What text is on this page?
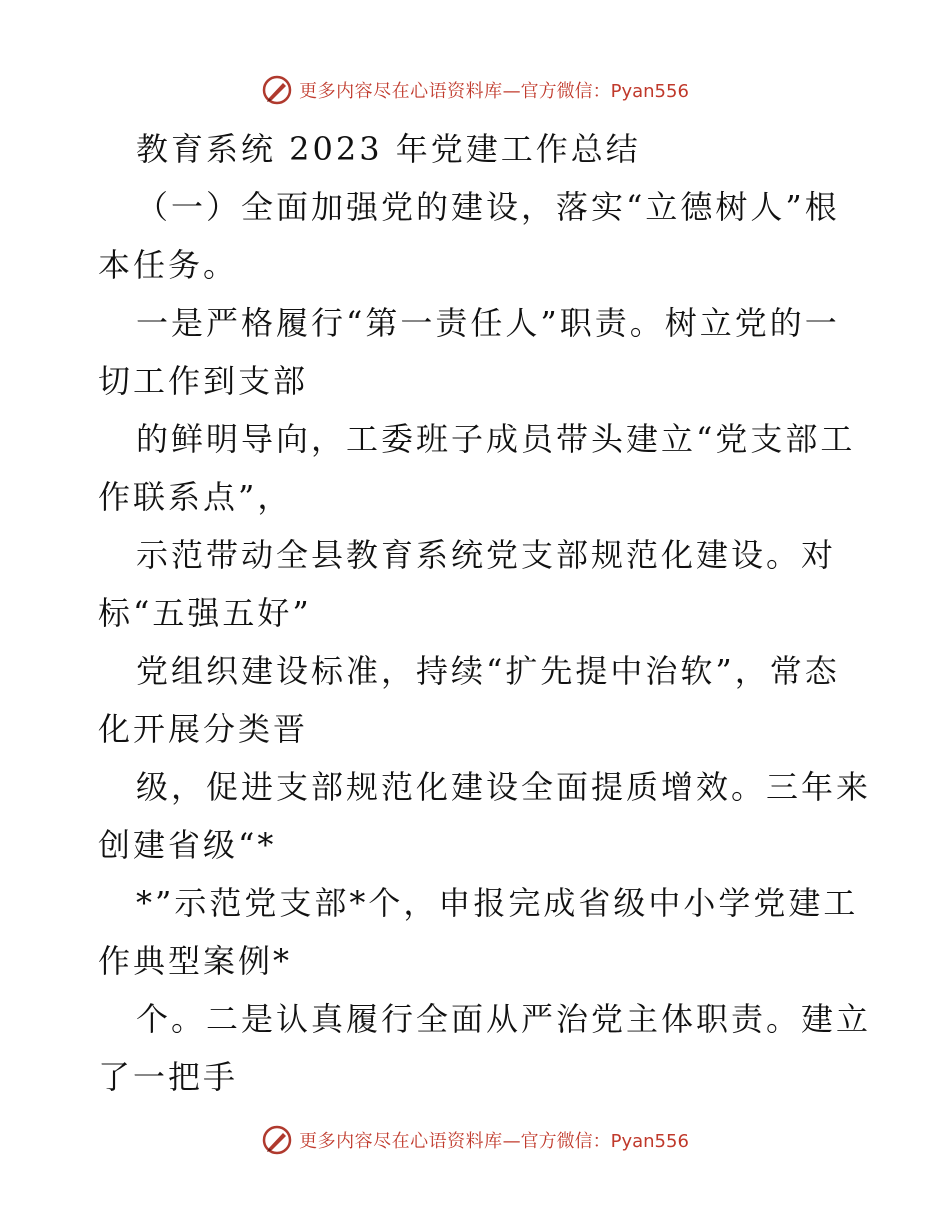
更多内容尽在心语资料库 —官方微信：Pyan556
教育系统 2023 年党建工作总结
（一）全面加强党的建设，落实“立德树人”根
本任务。
一是严格履行“第一责任人”职责。树立党的一
切工作到支部
的鲜明导向，工委班子成员带头建立“党支部工
作联系点”，
示范带动全县教育系统党支部规范化建设。对
标“五强五好”
党组织建设标准，持续“扩先提中治软”，常态
化开展分类晋
级，促进支部规范化建设全面提质增效。三年来
创建省级“*
*”示范党支部*个，申报完成省级中小学党建工
作典型案例*
个。二是认真履行全面从严治党主体职责。建立
了一把手
更多内容尽在心语资料库 —官方微信：Pyan556
